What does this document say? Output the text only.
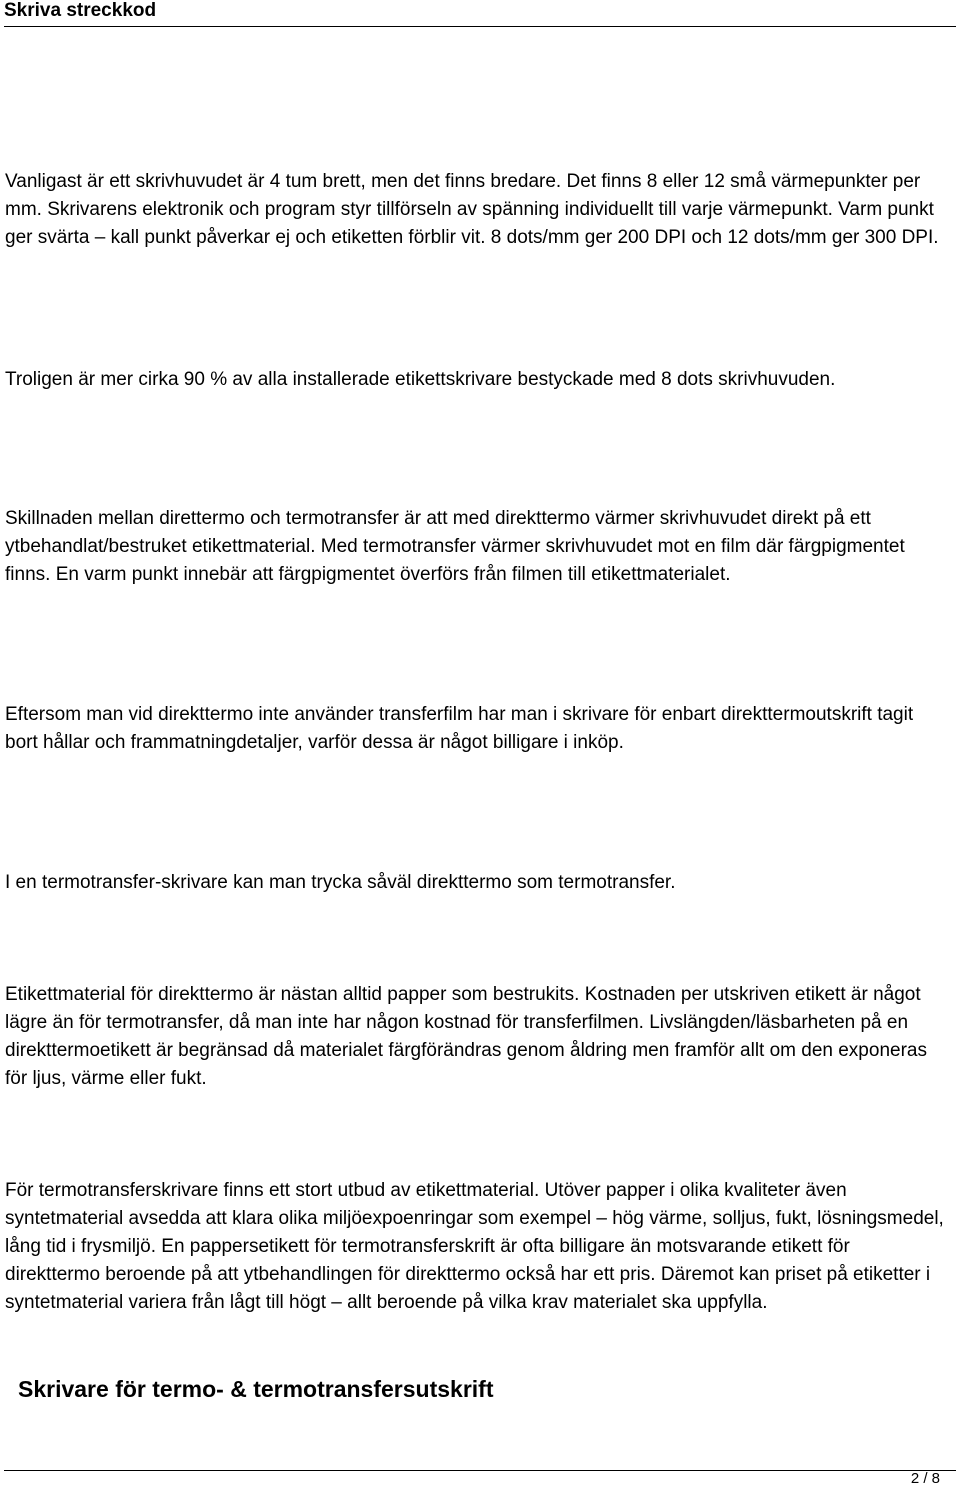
Skriva streckkod

Vanligast är ett skrivhuvudet är 4 tum brett, men det finns bredare. Det finns 8 eller 12 små värmepunkter per mm. Skrivarens elektronik och program styr tillförseln av spänning individuellt till varje värmepunkt. Varm punkt ger svärta – kall punkt påverkar ej och etiketten förblir vit. 8 dots/mm ger 200 DPI och 12 dots/mm ger 300 DPI.

Troligen är mer cirka 90 % av alla installerade etikettskrivare bestyckade med 8 dots skrivhuvuden.

Skillnaden mellan direttermo och termotransfer är att med direkttermo värmer skrivhuvudet direkt på ett ytbehandlat/bestruket etikettmaterial. Med termotransfer värmer skrivhuvudet mot en film där färgpigmentet finns. En varm punkt innebär att färgpigmentet överförs från filmen till etikettmaterialet.

Eftersom man vid direkttermo inte använder transferfilm har man i skrivare för enbart direkttermoutskrift tagit bort hållar och frammatningdetaljer, varför dessa är något billigare i inköp.

I en termotransfer-skrivare kan man trycka såväl direkttermo som termotransfer.

Etikettmaterial för direkttermo är nästan alltid papper som bestrukits. Kostnaden per utskriven etikett är något lägre än för termotransfer, då man inte har någon kostnad för transferfilmen. Livslängden/läsbarheten på en direkttermoetikett är begränsad då materialet färgförändras genom åldring men framför allt om den exponeras för ljus, värme eller fukt.

För termotransferskrivare finns ett stort utbud av etikettmaterial. Utöver papper i olika kvaliteter även syntetmaterial avsedda att klara olika miljöexpoenringar som exempel – hög värme, solljus, fukt, lösningsmedel, lång tid i frysmiljö. En pappersetikett för termotransferskrift är ofta billigare än motsvarande etikett för direkttermo beroende på att ytbehandlingen för direkttermo också har ett pris. Däremot kan priset på etiketter i syntetmaterial variera från lågt till högt – allt beroende på vilka krav materialet ska uppfylla.

Skrivare för termo- & termotransfersutskrift
2 / 8
